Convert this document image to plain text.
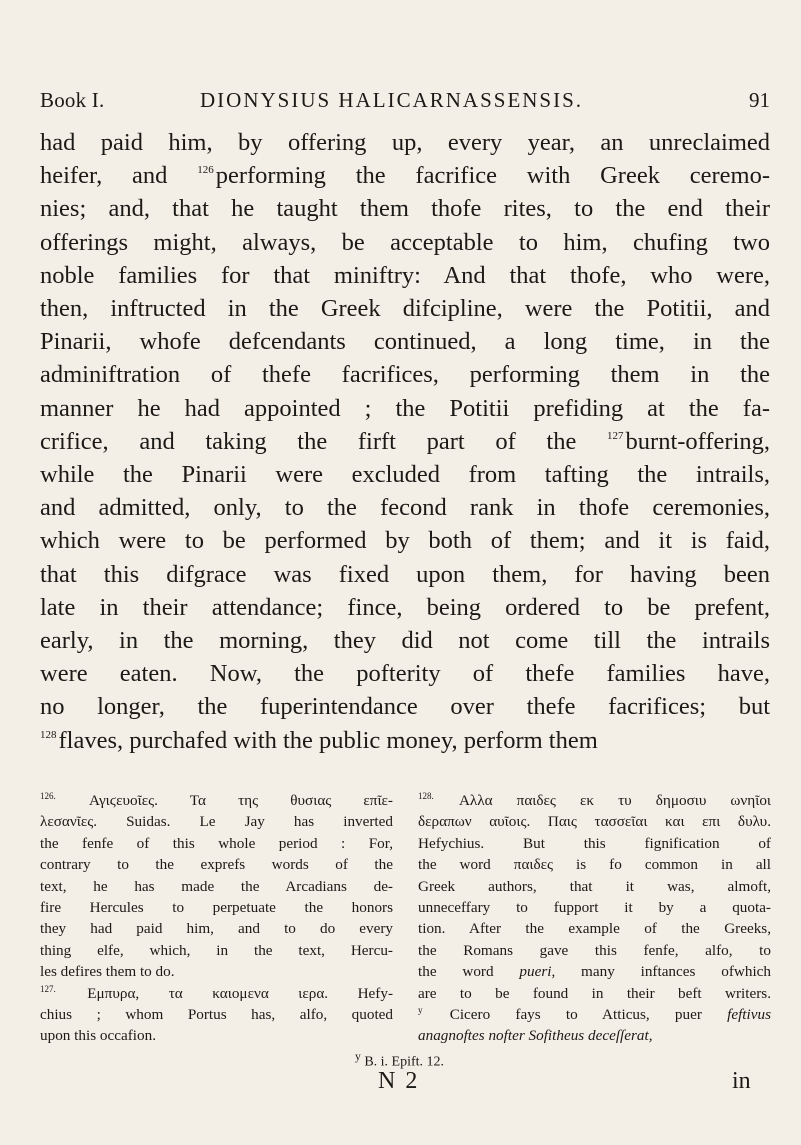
Book I.	DIONYSIUS HALICARNASSENSIS.	91
had paid him, by offering up, every year, an unreclaimed
heifer, and $^{126}$performing the facrifice with Greek ceremo-
nies; and, that he taught them thofe rites, to the end their
offerings might, always, be acceptable to him, chufing two
noble families for that miniftry: And that thofe, who were,
then, inftructed in the Greek difcipline, were the Potitii, and
Pinarii, whofe defcendants continued, a long time, in the
adminiftration of thefe facrifices, performing them in the
manner he had appointed ; the Potitii prefiding at the fa-
crifice, and taking the firft part of the $^{127}$burnt-offering,
while the Pinarii were excluded from tafting the intrails,
and admitted, only, to the fecond rank in thofe ceremonies,
which were to be performed by both of them; and it is faid,
that this difgrace was fixed upon them, for having been
late in their attendance; fince, being ordered to be prefent,
early, in the morning, they did not come till the intrails
were eaten. Now, the pofterity of thefe families have,
no longer, the fuperintendance over thefe facrifices; but
$^{128}$flaves, purchafed with the public money, perform them
$^{126.}$ Αγιϛευοῖες. Τα της θυσιας επῖε-
λεσανῖες. Suidas. Le Jay has inverted
the fenfe of this whole period : For,
contrary to the exprefs words of the
text, he has made the Arcadians de-
fire Hercules to perpetuate the honors
they had paid him, and to do every
thing elfe, which, in the text, Hercu-
les defires them to do.
$^{127.}$ Εμπυρα, τα καιομενα ιερα. Hefy-
chius ; whom Portus has, alfo, quoted
upon this occafion.
$^{128.}$ Αλλα παιδες εκ τυ δημοσιυ ωνηῖοι
δεραπων αυῖοις. Παις τασσεῖαι και επι δυλυ.
Hefychius. But this fignification of
the word παιδες is fo common in all
Greek authors, that it was, almoft,
unneceffary to fupport it by a quota-
tion. After the example of the Greeks,
the Romans gave this fenfe, alfo, to
the word pueri, many inftances ofwhich
are to be found in their beft writers.
$^y$ Cicero fays to Atticus, puer feftivus
anagnoftes nofter Sofitheus deceſſerat,
$^y$ B. i. Epift. 12.
N 2	in
